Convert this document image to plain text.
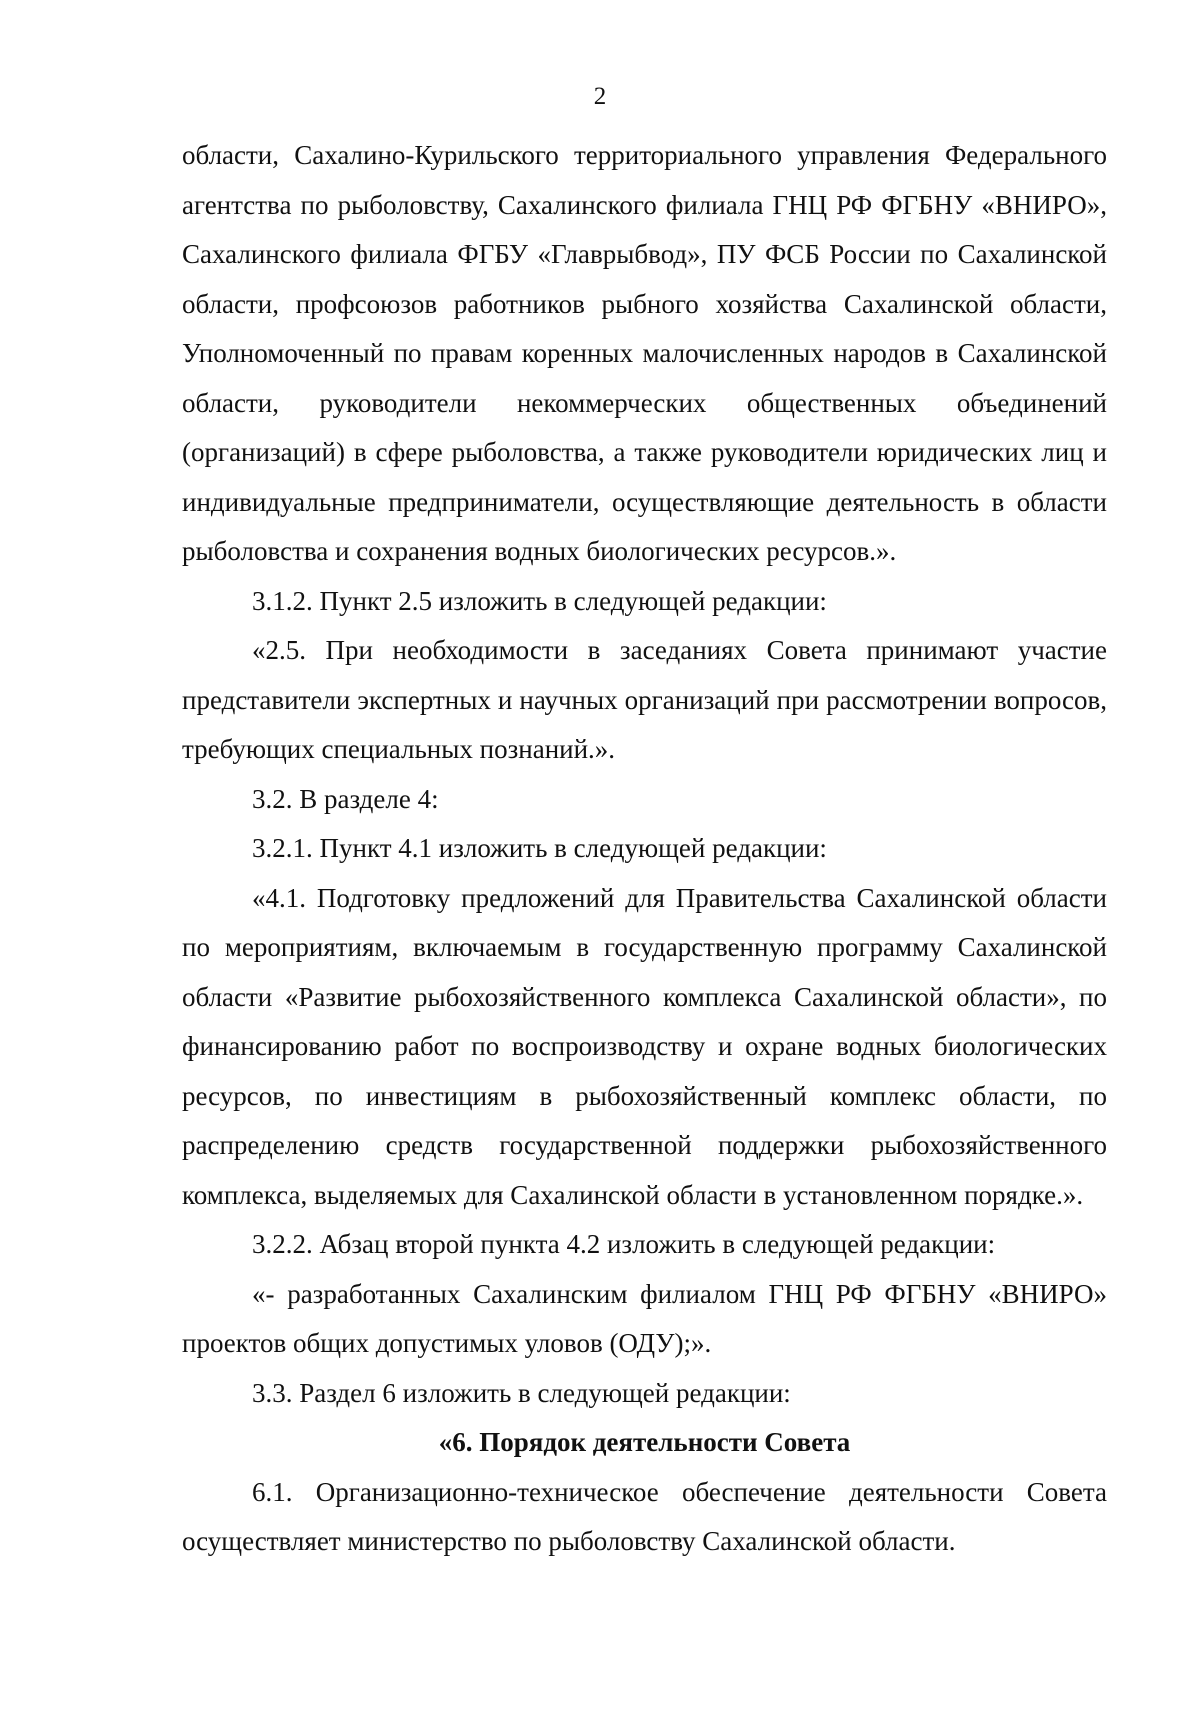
2

области, Сахалино-Курильского территориального управления Федерального агентства по рыболовству, Сахалинского филиала ГНЦ РФ ФГБНУ «ВНИРО», Сахалинского филиала ФГБУ «Главрыбвод», ПУ ФСБ России по Сахалинской области, профсоюзов работников рыбного хозяйства Сахалинской области, Уполномоченный по правам коренных малочисленных народов в Сахалинской области, руководители некоммерческих общественных объединений (организаций) в сфере рыболовства, а также руководители юридических лиц и индивидуальные предприниматели, осуществляющие деятельность в области рыболовства и сохранения водных биологических ресурсов.».

3.1.2. Пункт 2.5 изложить в следующей редакции:

«2.5. При необходимости в заседаниях Совета принимают участие представители экспертных и научных организаций при рассмотрении вопросов, требующих специальных познаний.».

3.2. В разделе 4:

3.2.1. Пункт 4.1 изложить в следующей редакции:

«4.1. Подготовку предложений для Правительства Сахалинской области по мероприятиям, включаемым в государственную программу Сахалинской области «Развитие рыбохозяйственного комплекса Сахалинской области», по финансированию работ по воспроизводству и охране водных биологических ресурсов, по инвестициям в рыбохозяйственный комплекс области, по распределению средств государственной поддержки рыбохозяйственного комплекса, выделяемых для Сахалинской области в установленном порядке.».

3.2.2. Абзац второй пункта 4.2 изложить в следующей редакции:

«- разработанных Сахалинским филиалом ГНЦ РФ ФГБНУ «ВНИРО» проектов общих допустимых уловов (ОДУ);».

3.3. Раздел 6 изложить в следующей редакции:

«6. Порядок деятельности Совета

6.1. Организационно-техническое обеспечение деятельности Совета осуществляет министерство по рыболовству Сахалинской области.
